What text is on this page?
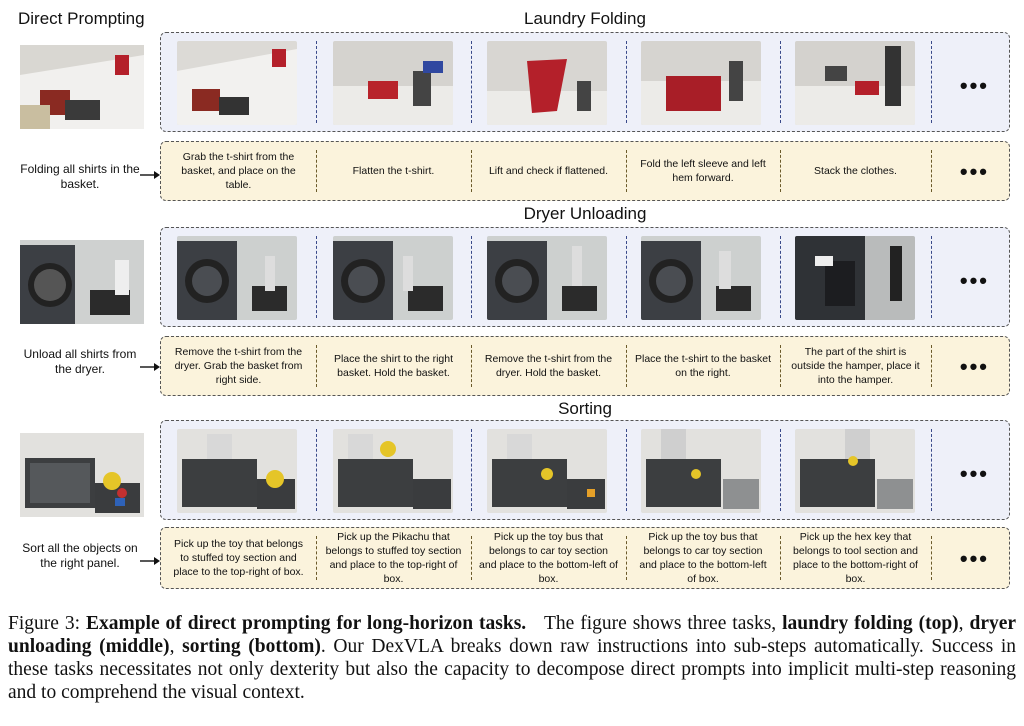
Direct Prompting	Laundry Folding
Folding all shirts in the basket.
•••
Grab the t-shirt from the basket, and place on the table.
Flatten the t-shirt.	Lift and check if flattened.
Fold the left sleeve and left hem forward.
Stack the clothes.	•••
Dryer Unloading
Unload all shirts from the dryer.
•••
Remove the t-shirt from the dryer. Grab the basket from right side.
Place the shirt to the right basket. Hold the basket.
Remove the t-shirt from the dryer. Hold the basket.
Place the t-shirt to the basket on the right.
The part of the shirt is outside the hamper, place it into the hamper.
•••
Sorting
Sort all the objects on the right panel.
•••
Pick up the toy that belongs to stuffed toy section and place to the top-right of box.
Pick up the Pikachu that belongs to stuffed toy section and place to the top-right of box.
Pick up the toy bus that belongs to car toy section and place to the bottom-left of box.
Pick up the toy bus that belongs to car toy section and place to the bottom-left of box.
Pick up the hex key that belongs to tool section and place to the bottom-right of box.
•••
Figure 3: Example of direct prompting for long-horizon tasks. The figure shows three tasks, laundry folding (top), dryer unloading (middle), sorting (bottom). Our DexVLA breaks down raw instructions into sub-steps automatically. Success in these tasks necessitates not only dexterity but also the capacity to decompose direct prompts into implicit multi-step reasoning and to comprehend the visual context.
